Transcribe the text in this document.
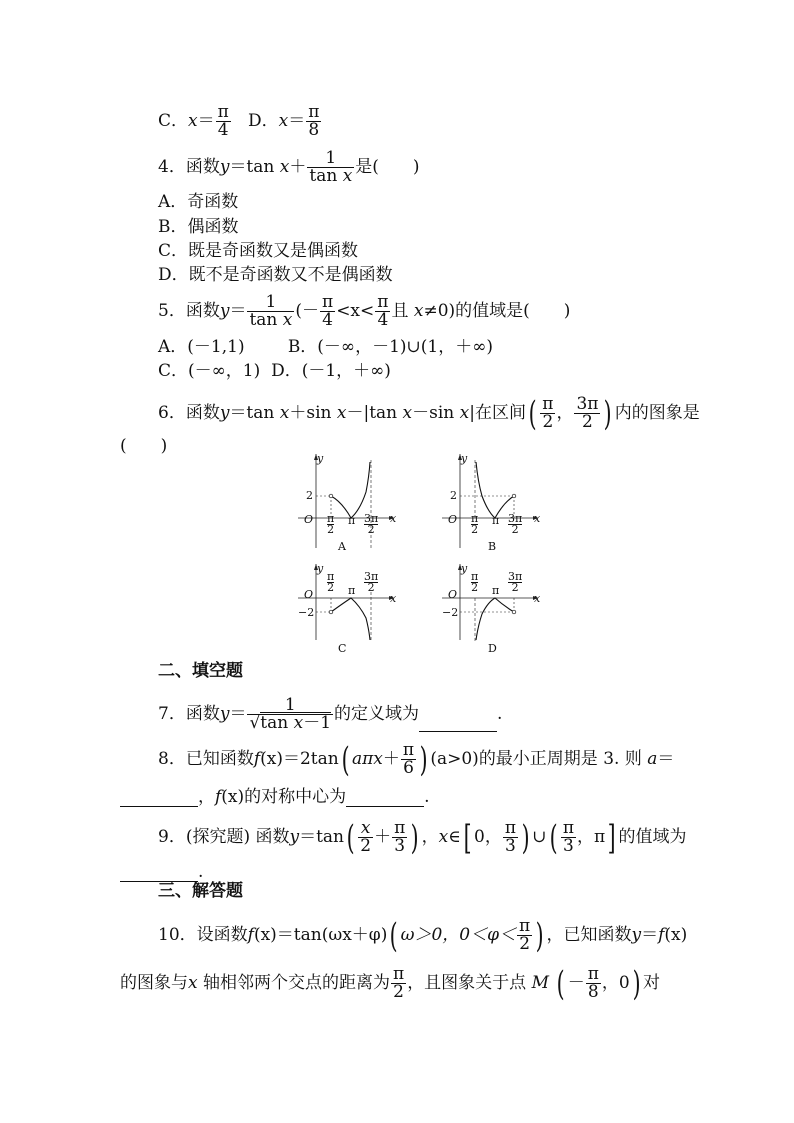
C．$x= \frac{\pi}{4}$ D．$x= \frac{\pi}{8}$
4．函数y＝tan $x+ \frac{1}{\text{tan x}}$ 是(　　)
A．奇函数
B．偶函数
C．既是奇函数又是偶函数
D．既不是奇函数又不是偶函数
5．函数$y= \frac{1}{\text{tan x}}$ (－ $\frac{\pi}{4} <x< \frac{\pi}{4}$ 且 x≠0)的值域是(　　)
A．(－1,1)	B．(－∞，－1)∪(1，＋∞)
C．(－∞，1) D．(－1，＋∞)
6．函数y＝tan x＋sin x－|tan x－sin x|在区间( $\frac{\pi}{2}$ ， $\frac{3\pi}{2}$ ) 内的图象是
(　　)
y
x
O
2
$\frac{\pi}{2}$ π $\frac{3\pi}{2}$
A
y
x
O
2
$\frac{\pi}{2}$ π $\frac{3\pi}{2}$
B
y
x
O
−2
$\frac{\pi}{2}$ π $\frac{3\pi}{2}$
C
y
x
O
−2
$\frac{\pi}{2}$ π $\frac{3\pi}{2}$
D
二、填空题
7．函数$y= \frac{1}{\text{√tan x－1}}$ 的定义域为	.
8．已知函数f(x)＝2tan( $a\pi x+ \frac{\pi}{6}$ ) (a>0)的最小正周期是 3. 则 a＝
，f(x)的对称中心为	.
9．(探究题) 函数$y=\tan( \frac{x}{2} + \frac{\pi}{3}$ ) ，x∈[ 0， $\frac{\pi}{3}$ ) ∪( $\frac{\pi}{3}$ ，π] 的值域为
.
三、解答题
10．设函数f(x)＝tan(ωx＋φ)( ω＞0，$0<\varphi< \frac{\pi}{2}$ ) ，已知函数y＝f(x)
的图象与x 轴相邻两个交点的距离为 $\frac{\pi}{2}$ ，且图象关于点 M ( － $\frac{\pi}{8}$ ，0) 对
